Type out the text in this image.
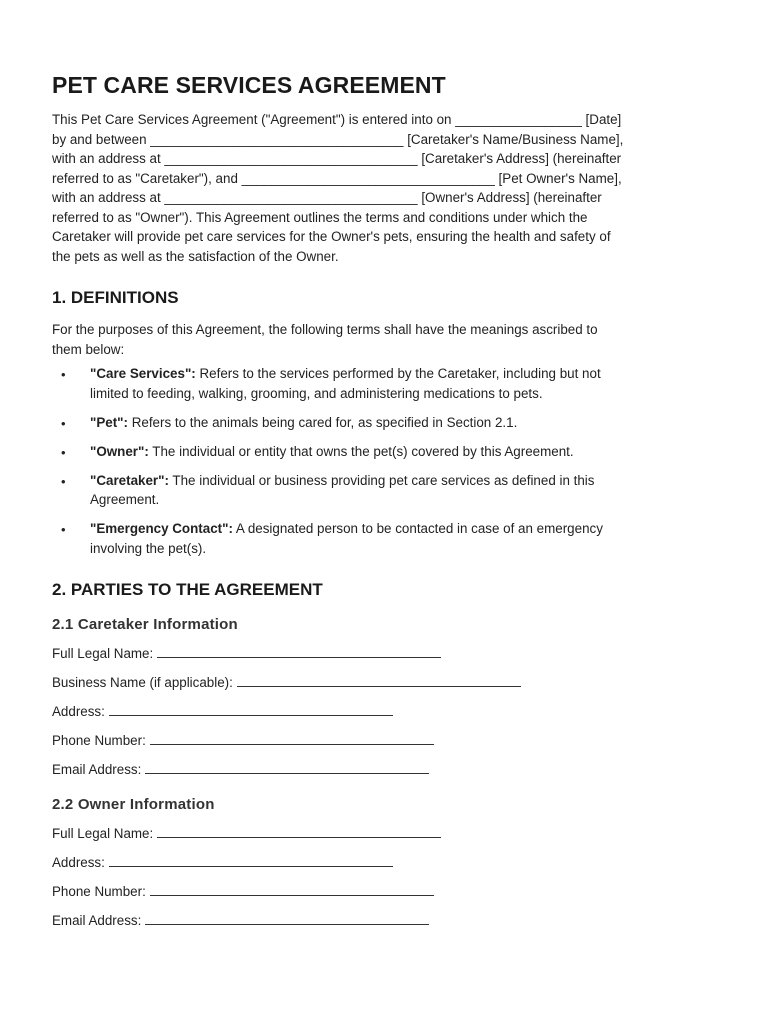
PET CARE SERVICES AGREEMENT

This Pet Care Services Agreement ("Agreement") is entered into on _________________ [Date]
by and between __________________________________ [Caretaker's Name/Business Name],
with an address at __________________________________ [Caretaker's Address] (hereinafter
referred to as "Caretaker"), and __________________________________ [Pet Owner's Name],
with an address at __________________________________ [Owner's Address] (hereinafter
referred to as "Owner"). This Agreement outlines the terms and conditions under which the
Caretaker will provide pet care services for the Owner's pets, ensuring the health and safety of
the pets as well as the satisfaction of the Owner.

1. DEFINITIONS

For the purposes of this Agreement, the following terms shall have the meanings ascribed to
them below:

• "Care Services": Refers to the services performed by the Caretaker, including but not
limited to feeding, walking, grooming, and administering medications to pets.
• "Pet": Refers to the animals being cared for, as specified in Section 2.1.
• "Owner": The individual or entity that owns the pet(s) covered by this Agreement.
• "Caretaker": The individual or business providing pet care services as defined in this
Agreement.
• "Emergency Contact": A designated person to be contacted in case of an emergency
involving the pet(s).
2. PARTIES TO THE AGREEMENT
2.1 Caretaker Information
Full Legal Name:
Business Name (if applicable):
Address:
Phone Number:
Email Address:
2.2 Owner Information
Full Legal Name:
Address:
Phone Number:
Email Address:
